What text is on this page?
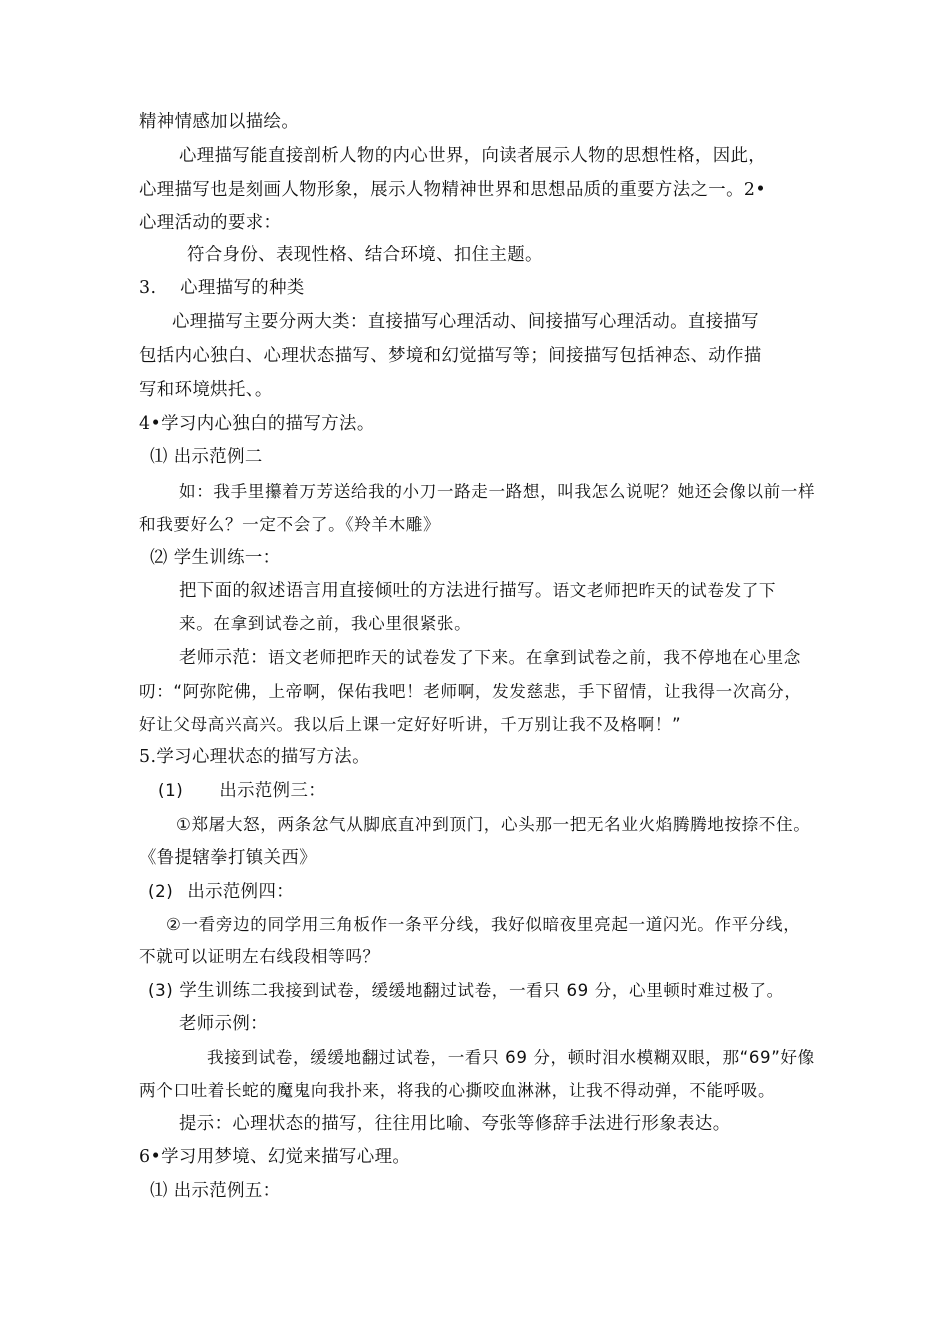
精神情感加以描绘。
心理描写能直接剖析人物的内心世界，向读者展示人物的思想性格，因此，
心理描写也是刻画人物形象，展示人物精神世界和思想品质的重要方法之一。2•
心理活动的要求：
符合身份、表现性格、结合环境、扣住主题。
3.　 心理描写的种类
心理描写主要分两大类：直接描写心理活动、间接描写心理活动。直接描写
包括内心独白、心理状态描写、梦境和幻觉描写等；间接描写包括神态、动作描
写和环境烘托、。
4•学习内心独白的描写方法。
⑴ 出示范例二
如：我手里攥着万芳送给我的小刀一路走一路想，叫我怎么说呢？她还会像以前一样
和我要好么？一定不会了。《羚羊木雕》
⑵ 学生训练一：
把下面的叙述语言用直接倾吐的方法进行描写。语文老师把昨天的试卷发了下
来。在拿到试卷之前，我心里很紧张。
老师示范：语文老师把昨天的试卷发了下来。在拿到试卷之前，我不停地在心里念
叨：“阿弥陀佛，上帝啊，保佑我吧！老师啊，发发慈悲，手下留情，让我得一次高分，
好让父母高兴高兴。我以后上课一定好好听讲，千万别让我不及格啊！”
5.学习心理状态的描写方法。
(1) 出示范例三：
①郑屠大怒，两条忿气从脚底直冲到顶门，心头那一把无名业火焰腾腾地按捺不住。
《鲁提辖拳打镇关西》
(2) 出示范例四：
②一看旁边的同学用三角板作一条平分线，我好似暗夜里亮起一道闪光。作平分线，
不就可以证明左右线段相等吗？
(3) 学生训练二我接到试卷，缓缓地翻过试卷，一看只 69 分，心里顿时难过极了。
老师示例：
我接到试卷，缓缓地翻过试卷，一看只 69 分，顿时泪水模糊双眼，那“69”好像
两个口吐着长蛇的魔鬼向我扑来，将我的心撕咬血淋淋，让我不得动弹，不能呼吸。
提示：心理状态的描写，往往用比喻、夸张等修辞手法进行形象表达。
6•学习用梦境、幻觉来描写心理。
⑴ 出示范例五：
